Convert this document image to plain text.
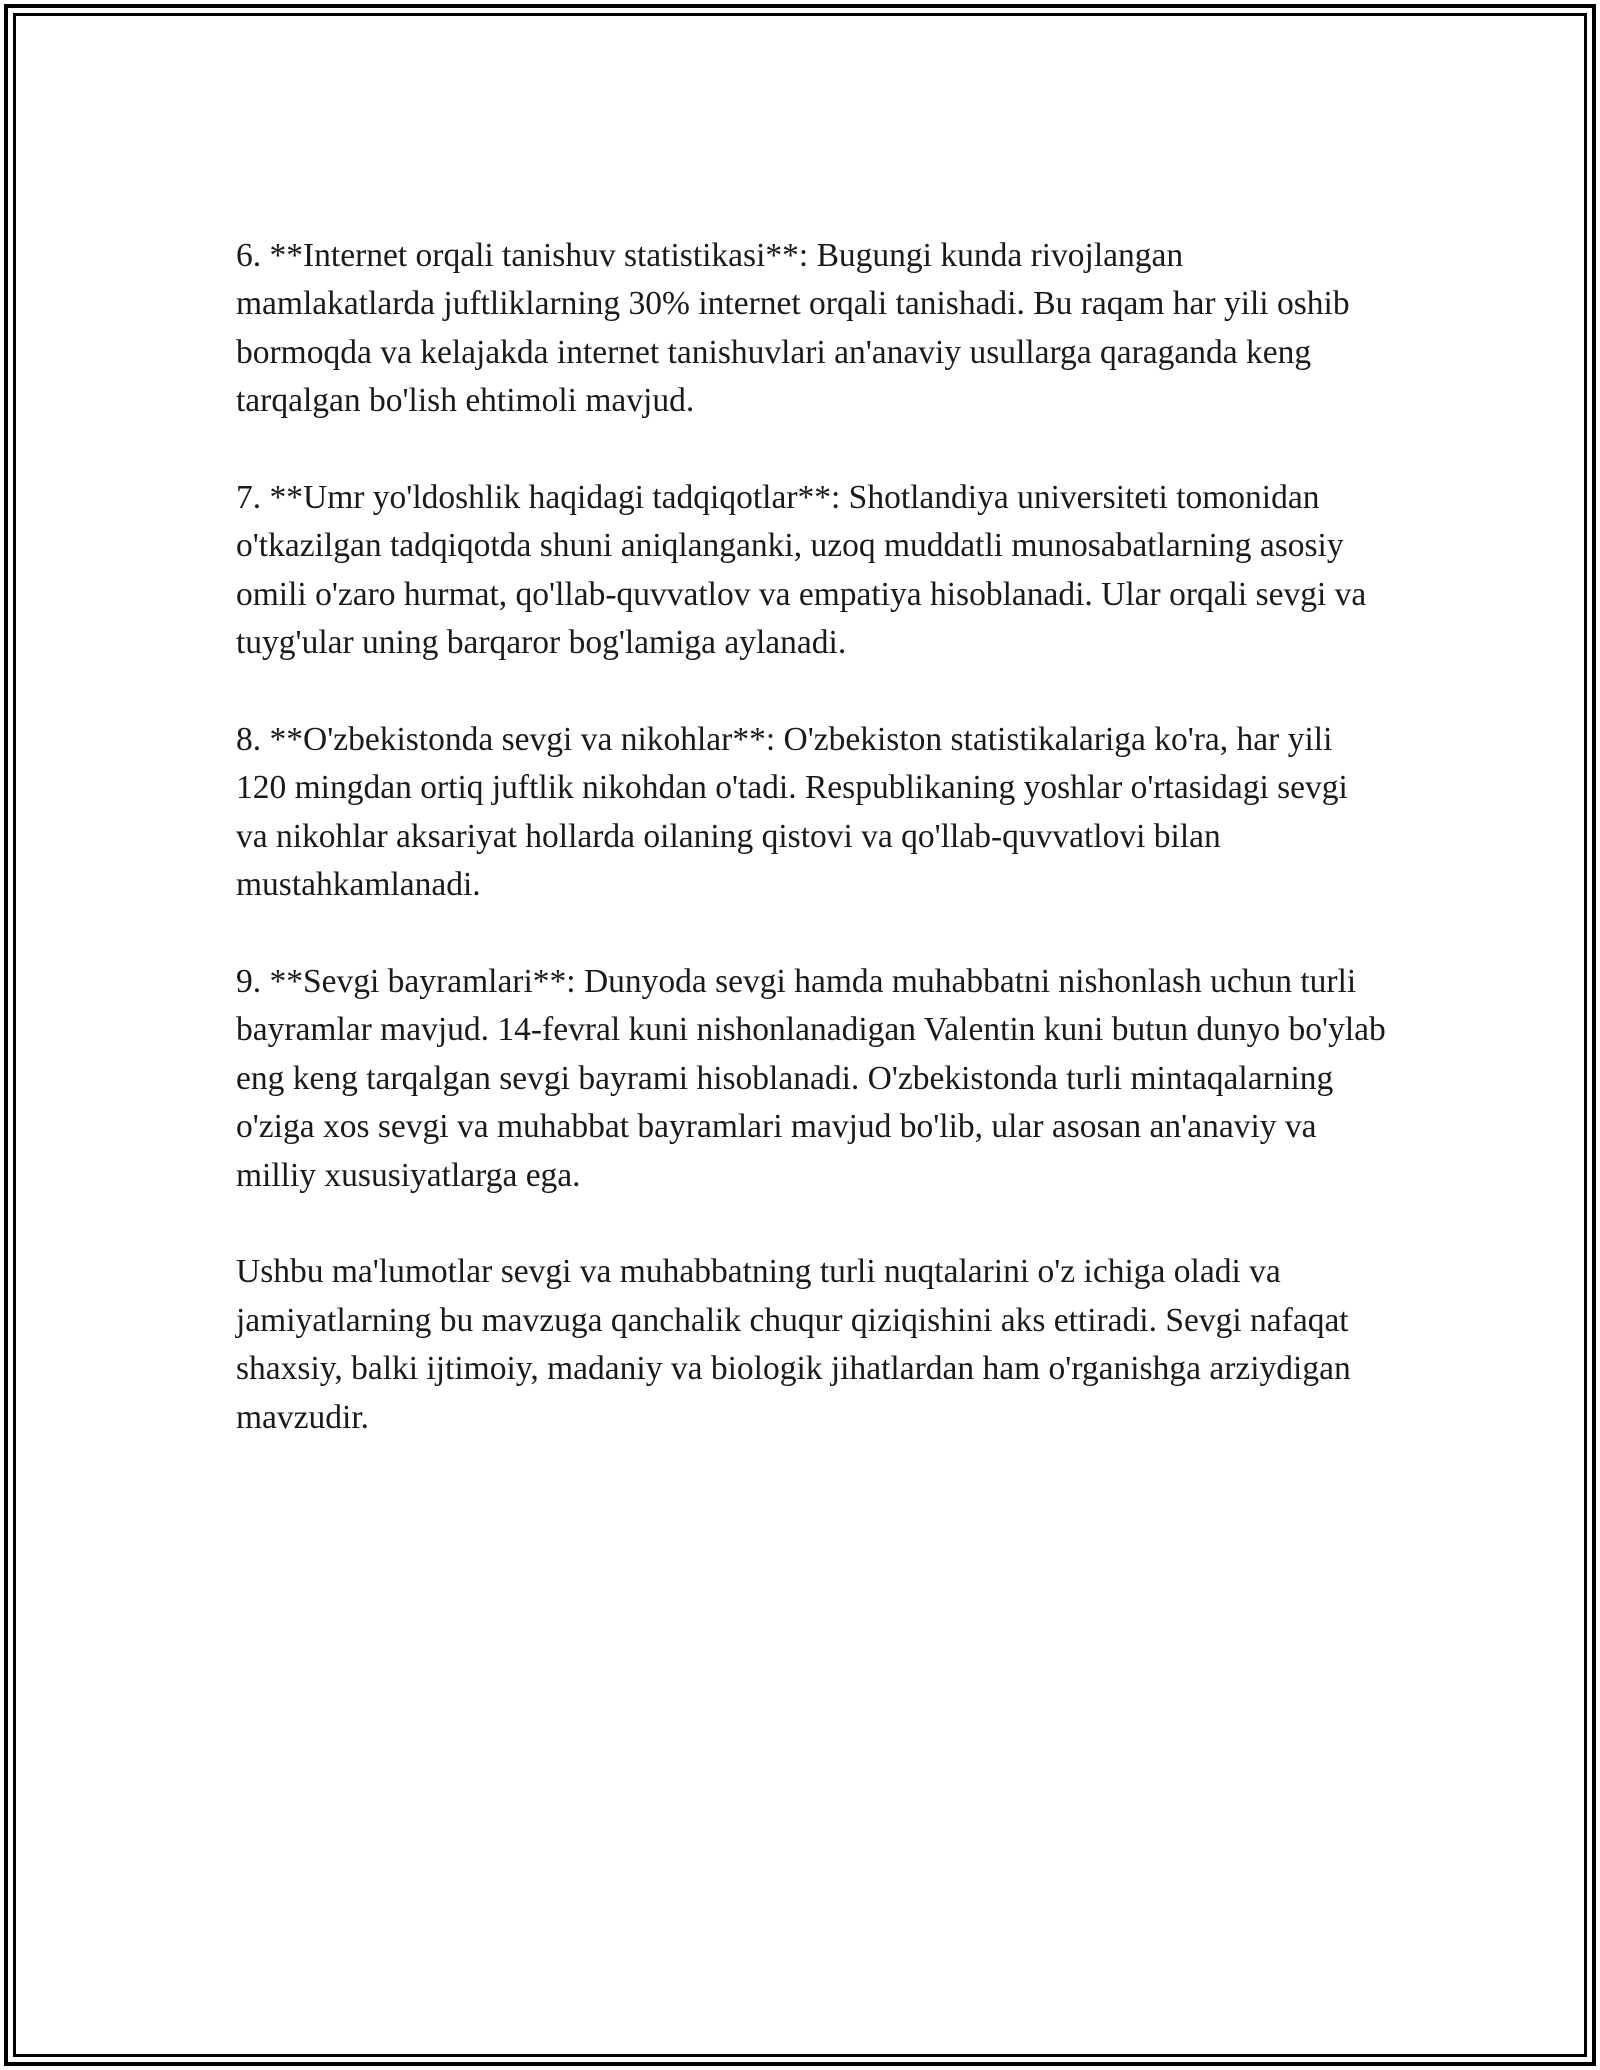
6. **Internet orqali tanishuv statistikasi**: Bugungi kunda rivojlangan mamlakatlarda juftliklarning 30% internet orqali tanishadi. Bu raqam har yili oshib bormoqda va kelajakda internet tanishuvlari an'anaviy usullarga qaraganda keng tarqalgan bo'lish ehtimoli mavjud.

7. **Umr yo'ldoshlik haqidagi tadqiqotlar**: Shotlandiya universiteti tomonidan o'tkazilgan tadqiqotda shuni aniqlanganki, uzoq muddatli munosabatlarning asosiy omili o'zaro hurmat, qo'llab-quvvatlov va empatiya hisoblanadi. Ular orqali sevgi va tuyg'ular uning barqaror bog'lamiga aylanadi.

8. **O'zbekistonda sevgi va nikohlar**: O'zbekiston statistikalariga ko'ra, har yili 120 mingdan ortiq juftlik nikohdan o'tadi. Respublikaning yoshlar o'rtasidagi sevgi va nikohlar aksariyat hollarda oilaning qistovi va qo'llab-quvvatlovi bilan mustahkamlanadi.

9. **Sevgi bayramlari**: Dunyoda sevgi hamda muhabbatni nishonlash uchun turli bayramlar mavjud. 14-fevral kuni nishonlanadigan Valentin kuni butun dunyo bo'ylab eng keng tarqalgan sevgi bayrami hisoblanadi. O'zbekistonda turli mintaqalarning o'ziga xos sevgi va muhabbat bayramlari mavjud bo'lib, ular asosan an'anaviy va milliy xususiyatlarga ega.

Ushbu ma'lumotlar sevgi va muhabbatning turli nuqtalarini o'z ichiga oladi va jamiyatlarning bu mavzuga qanchalik chuqur qiziqishini aks ettiradi. Sevgi nafaqat shaxsiy, balki ijtimoiy, madaniy va biologik jihatlardan ham o'rganishga arziydigan mavzudir.
